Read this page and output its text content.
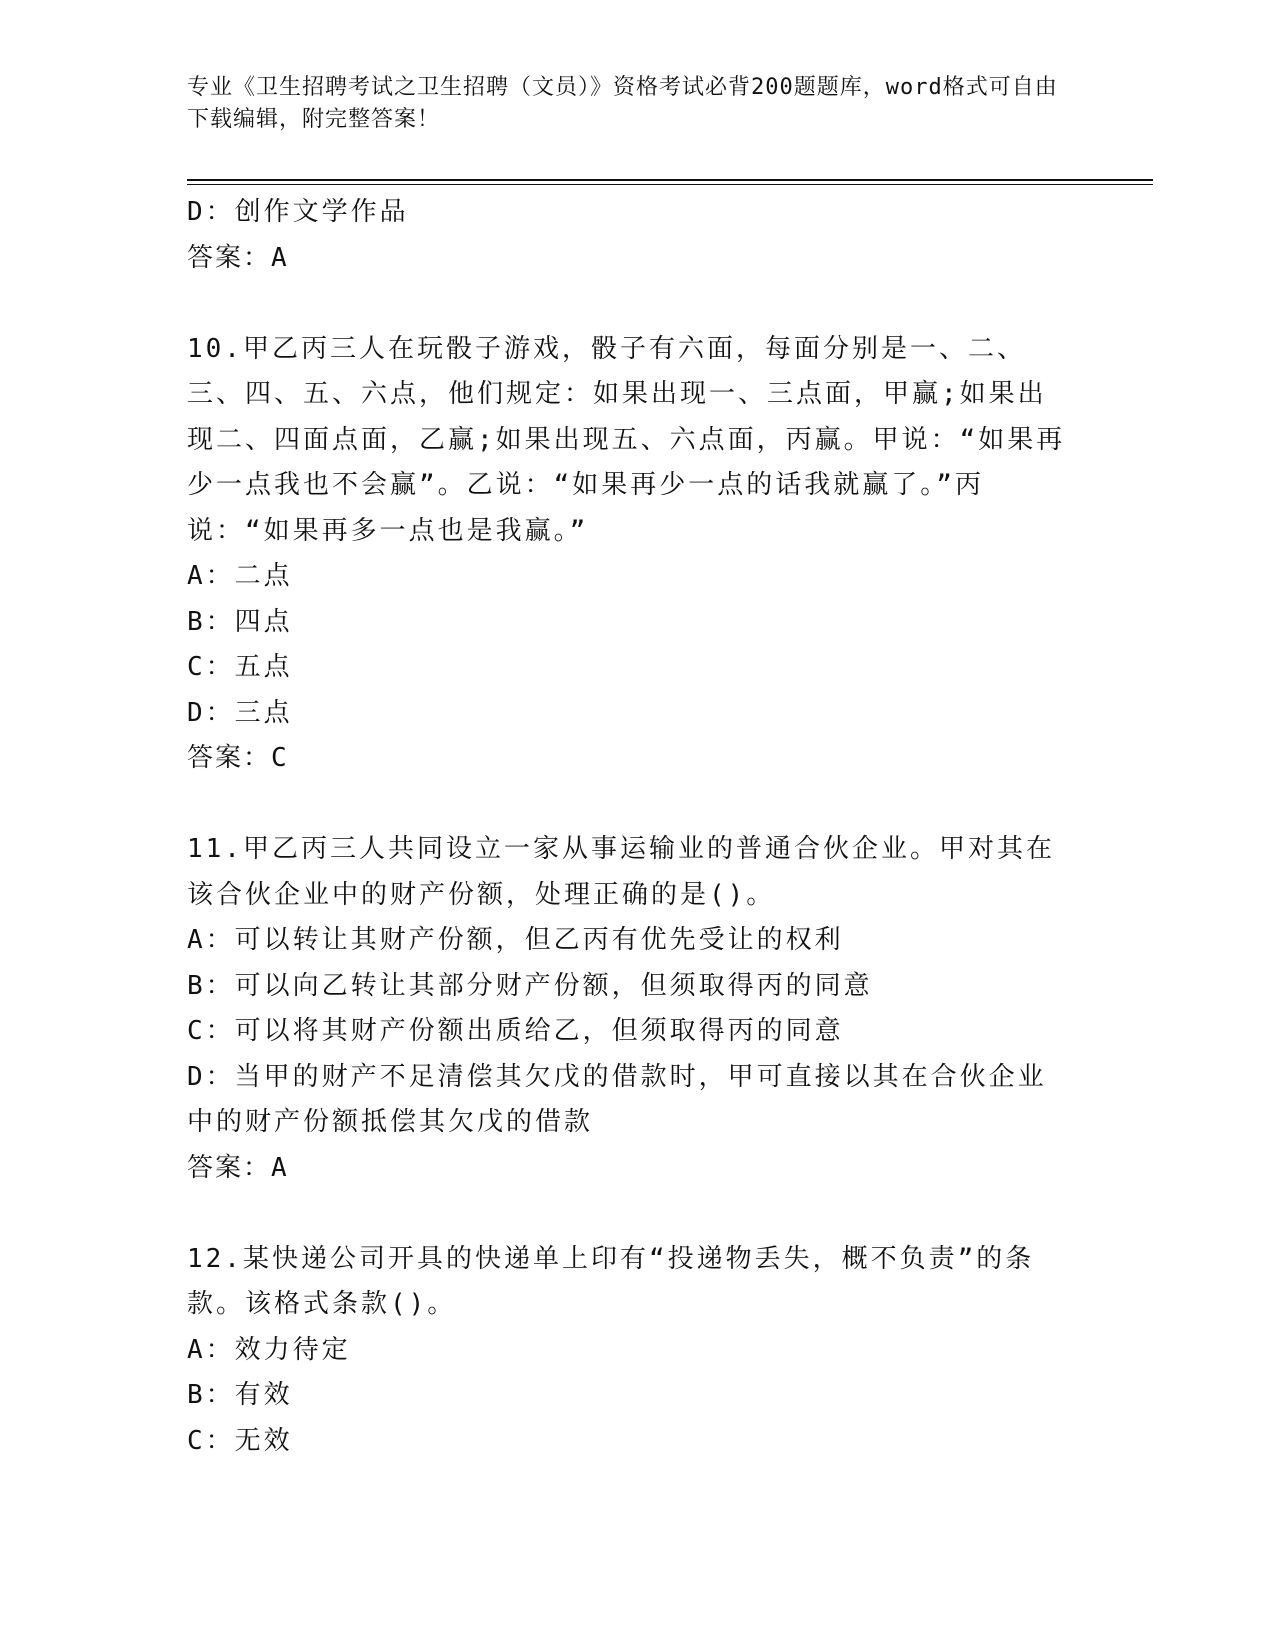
专业《卫生招聘考试之卫生招聘（文员）》资格考试必背200题题库，word格式可自由下载编辑，附完整答案！
D：创作文学作品
答案：A
10.甲乙丙三人在玩骰子游戏，骰子有六面，每面分别是一、二、三、四、五、六点，他们规定：如果出现一、三点面，甲赢;如果出现二、四面点面，乙赢;如果出现五、六点面，丙赢。甲说：“如果再少一点我也不会赢”。乙说：“如果再少一点的话我就赢了。”丙说：“如果再多一点也是我赢。”
A：二点
B：四点
C：五点
D：三点
答案：C
11.甲乙丙三人共同设立一家从事运输业的普通合伙企业。甲对其在该合伙企业中的财产份额，处理正确的是()。
A：可以转让其财产份额，但乙丙有优先受让的权利
B：可以向乙转让其部分财产份额，但须取得丙的同意
C：可以将其财产份额出质给乙，但须取得丙的同意
D：当甲的财产不足清偿其欠戊的借款时，甲可直接以其在合伙企业中的财产份额抵偿其欠戊的借款
答案：A
12.某快递公司开具的快递单上印有“投递物丢失，概不负责”的条款。该格式条款()。
A：效力待定
B：有效
C：无效
